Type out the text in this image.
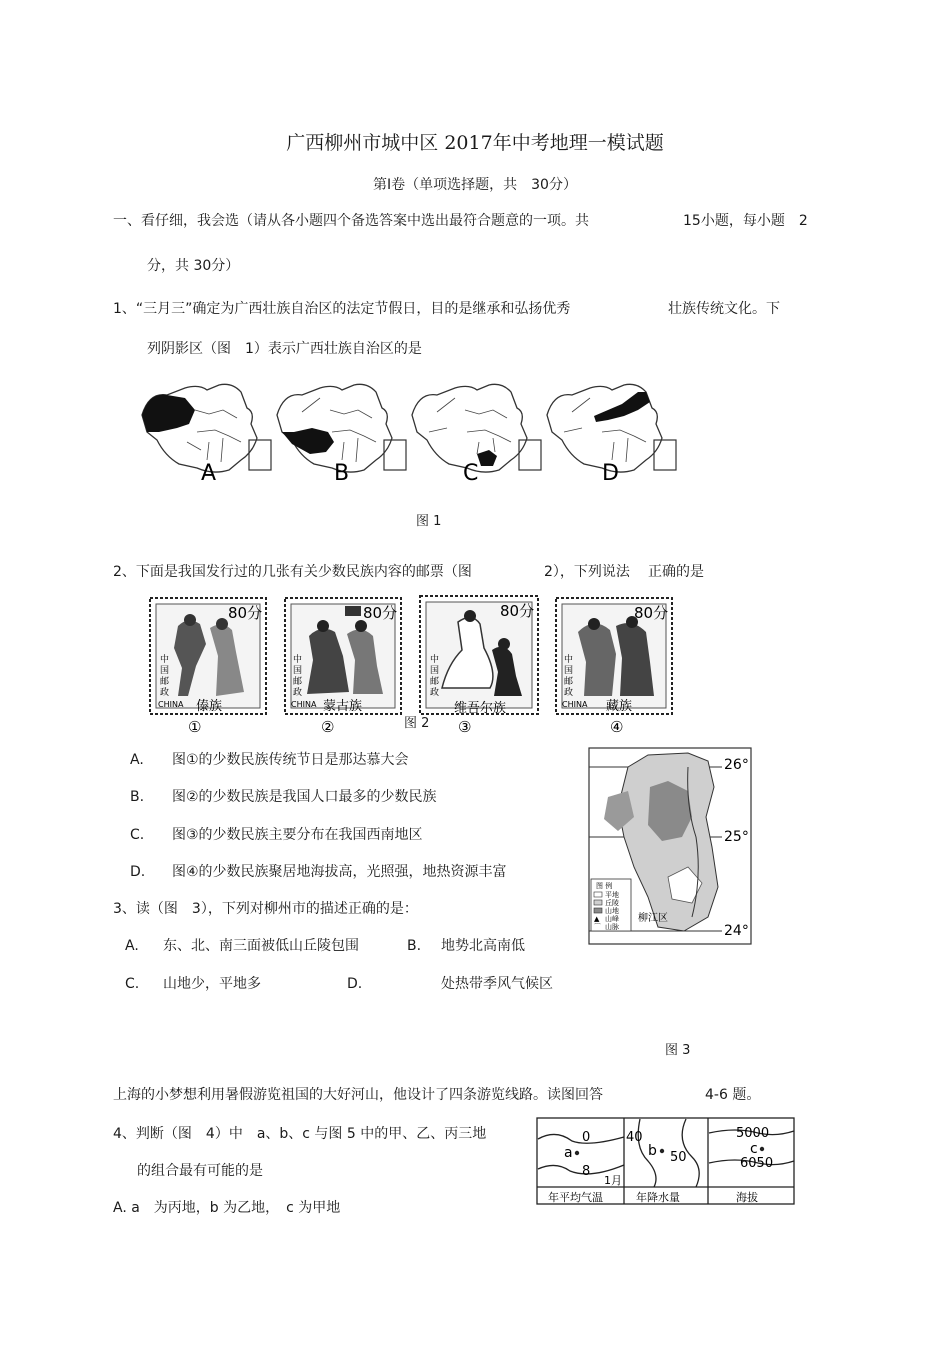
广西柳州市城中区 2017年中考地理一模试题
第Ⅰ卷（单项选择题，共　30分）
一、看仔细，我会选（请从各小题四个备选答案中选出最符合题意的一项。共	15小题，每小题　2
分，共 30分）
1、“三月三”确定为广西壮族自治区的法定节假日，目的是继承和弘扬优秀	壮族传统文化。下
列阴影区（图　1）表示广西壮族自治区的是
A	B	C	D
图 1
2、下面是我国发行过的几张有关少数民族内容的邮票（图	2），下列说法 正确的是
80分
中
国
邮
政
CHINA 傣族
①
80分
中
国
邮
政
CHINA 蒙古族
②
80分
中
国
邮
政
维吾尔族
③
80分
中
国
邮
政
CHINA 藏族
④
图 2
A. 图①的少数民族传统节日是那达慕大会
B. 图②的少数民族是我国人口最多的少数民族
C. 图③的少数民族主要分布在我国西南地区
D. 图④的少数民族聚居地海拔高，光照强，地热资源丰富
26°
25°
24°
图 例
平地
丘陵
山地
▲ 山峰
⌒ 山脉
柳江区
3、读（图　3），下列对柳州市的描述正确的是：
A. 东、北、南三面被低山丘陵包围	B. 地势北高南低
C. 山地少，平地多	D.	处热带季风气候区
图 3
上海的小梦想利用暑假游览祖国的大好河山，他设计了四条游览线路。读图回答	4-6 题。
4、判断（图　4）中　a、b、c 与图 5 中的甲、乙、丙三地
的组合最有可能的是
A. a　为丙地，b 为乙地，　c 为甲地
0
8
a
1月
年平均气温
40
50
b
年降水量
5000
6050
c
海拔
